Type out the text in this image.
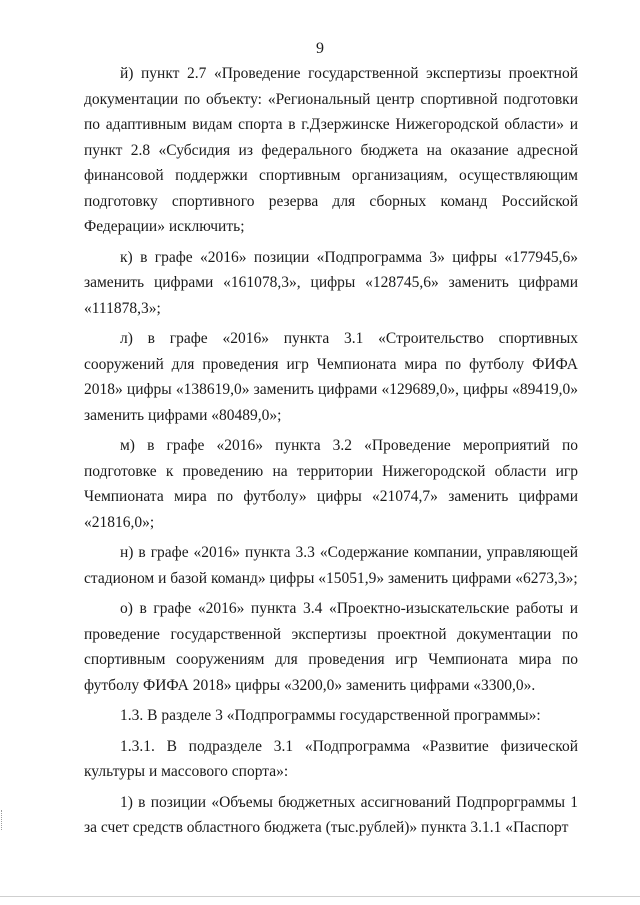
9

й) пункт 2.7 «Проведение государственной экспертизы проектной документации по объекту: «Региональный центр спортивной подготовки по адаптивным видам спорта в г.Дзержинске Нижегородской области» и пункт 2.8 «Субсидия из федерального бюджета на оказание адресной финансовой поддержки спортивным организациям, осуществляющим подготовку спортивного резерва для сборных команд Российской Федерации» исключить;

к) в графе «2016» позиции «Подпрограмма 3» цифры «177945,6» заменить цифрами «161078,3», цифры «128745,6» заменить цифрами «111878,3»;

л) в графе «2016» пункта 3.1 «Строительство спортивных сооружений для проведения игр Чемпионата мира по футболу ФИФА 2018» цифры «138619,0» заменить цифрами «129689,0», цифры «89419,0» заменить цифрами «80489,0»;

м) в графе «2016» пункта 3.2 «Проведение мероприятий по подготовке к проведению на территории Нижегородской области игр Чемпионата мира по футболу» цифры «21074,7» заменить цифрами «21816,0»;

н) в графе «2016» пункта 3.3 «Содержание компании, управляющей стадионом и базой команд» цифры «15051,9» заменить цифрами «6273,3»;

о) в графе «2016» пункта 3.4 «Проектно-изыскательские работы и проведение государственной экспертизы проектной документации по спортивным сооружениям для проведения игр Чемпионата мира по футболу ФИФА 2018» цифры «3200,0» заменить цифрами «3300,0».

1.3. В разделе 3 «Подпрограммы государственной программы»:

1.3.1. В подразделе 3.1 «Подпрограмма «Развитие физической культуры и массового спорта»:

1) в позиции «Объемы бюджетных ассигнований Подпрорграммы 1 за счет средств областного бюджета (тыс.рублей)» пункта 3.1.1 «Паспорт
